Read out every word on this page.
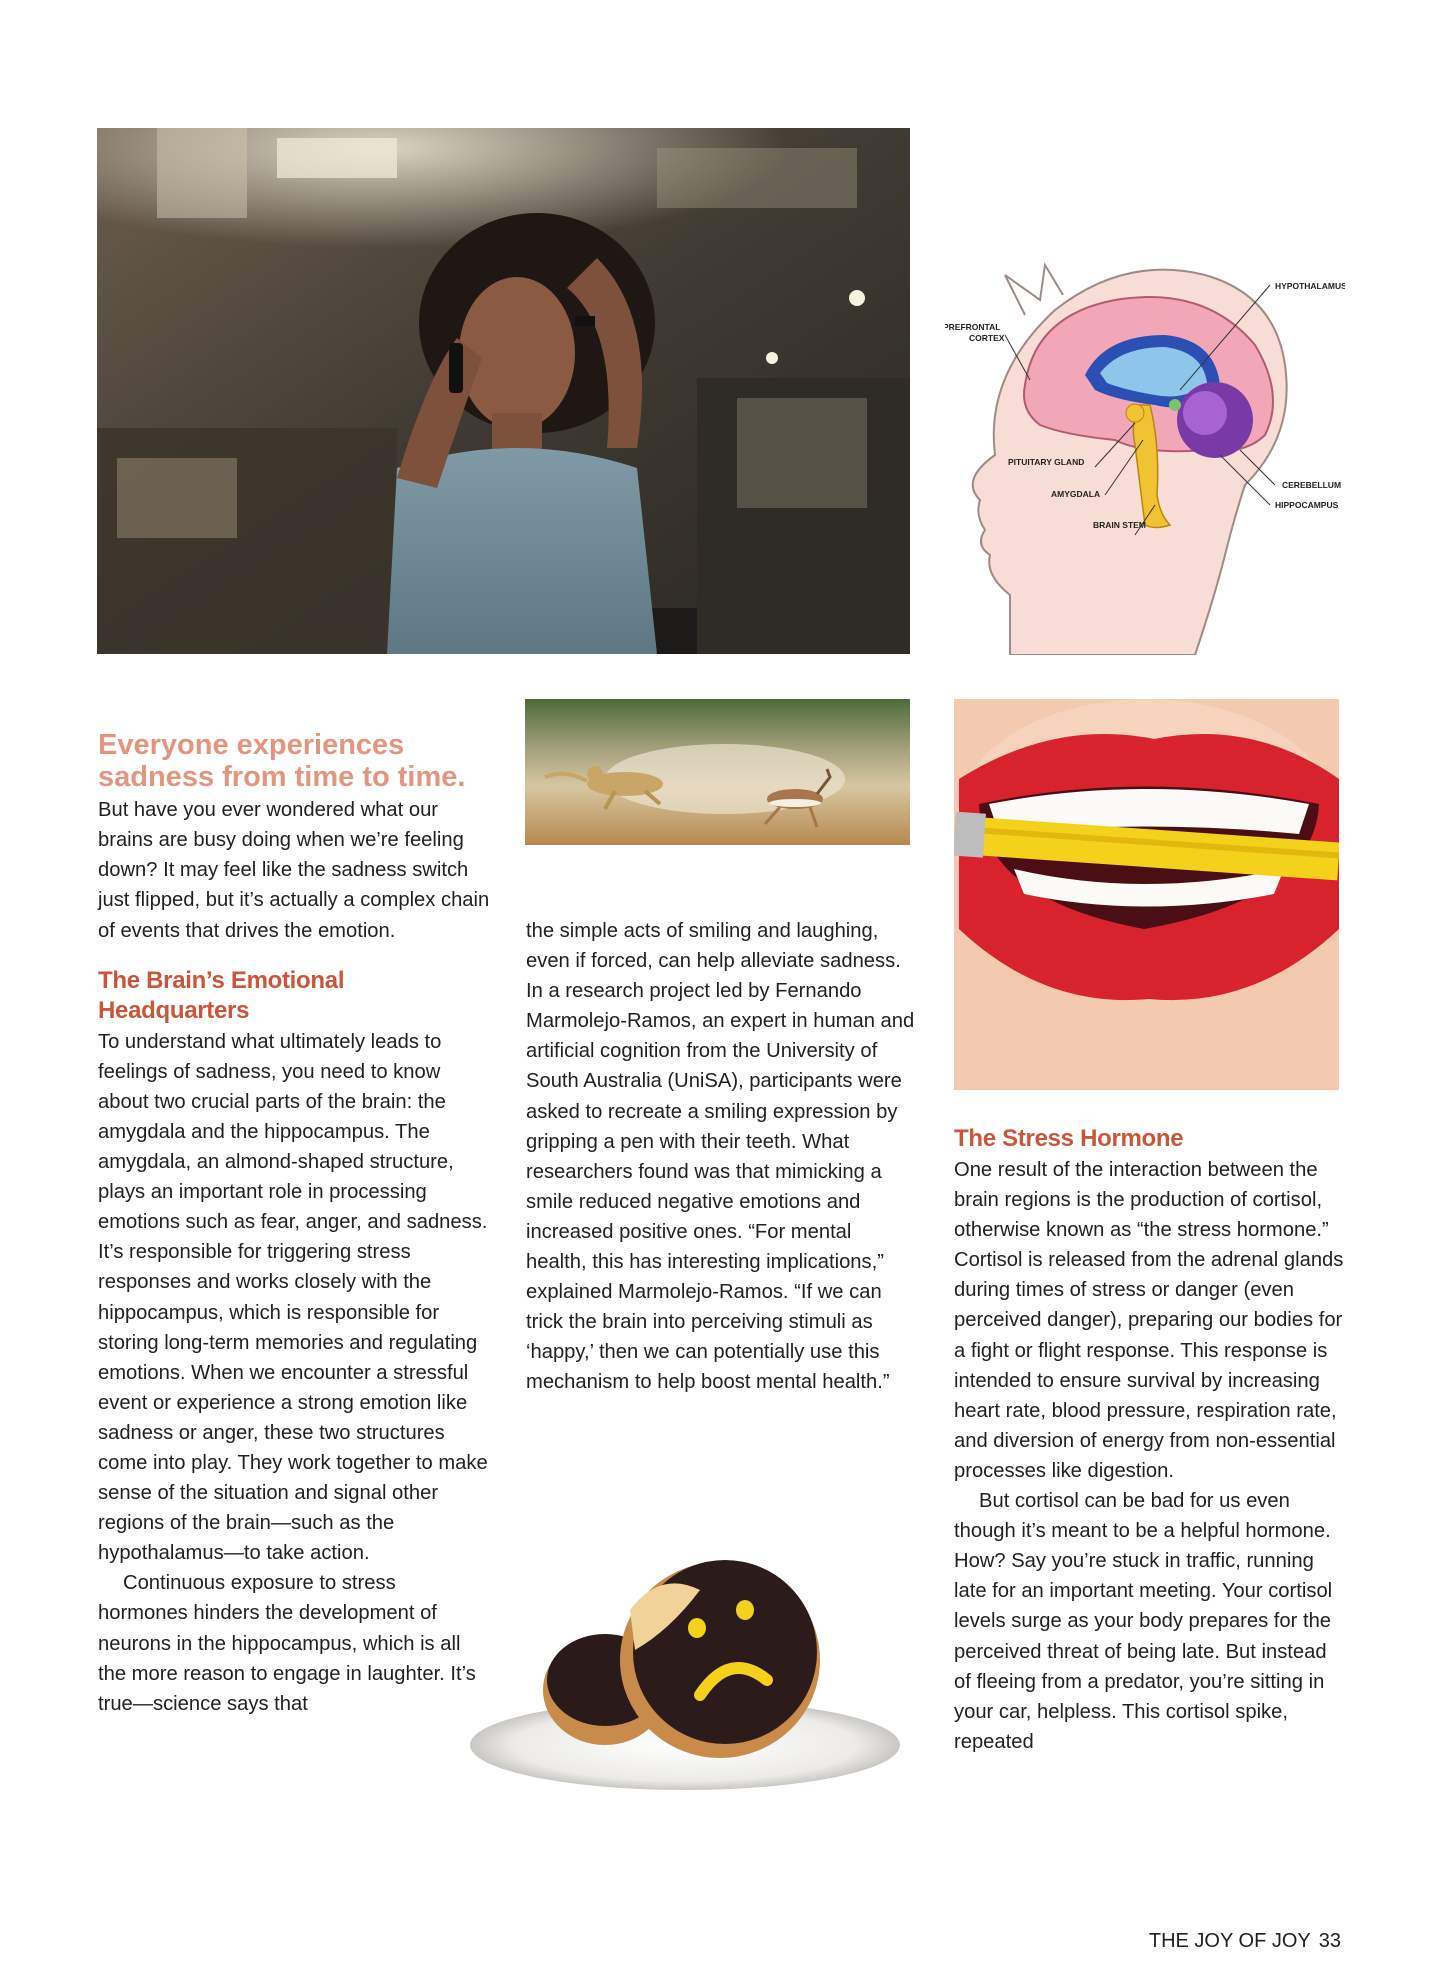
HYPOTHALAMUS
PREFRONTAL
CORTEX
PITUITARY GLAND
AMYGDALA
BRAIN STEM
CEREBELLUM
HIPPOCAMPUS

Everyone experiences sadness from time to time. But have you ever wondered what our brains are busy doing when we’re feeling down? It may feel like the sadness switch just flipped, but it’s actually a complex chain of events that drives the emotion.

The Brain’s Emotional Headquarters

To understand what ultimately leads to feelings of sadness, you need to know about two crucial parts of the brain: the amygdala and the hippocampus. The amygdala, an almond-shaped structure, plays an important role in processing emotions such as fear, anger, and sadness. It’s responsible for triggering stress responses and works closely with the hippocampus, which is responsible for storing long-term memories and regulating emotions. When we encounter a stressful event or experience a strong emotion like sadness or anger, these two structures come into play. They work together to make sense of the situation and signal other regions of the brain—such as the hypothalamus—to take action.

Continuous exposure to stress hormones hinders the development of neurons in the hippocampus, which is all the more reason to engage in laughter. It’s true—science says that

the simple acts of smiling and laughing, even if forced, can help alleviate sadness. In a research project led by Fernando Marmolejo-Ramos, an expert in human and artificial cognition from the University of South Australia (UniSA), participants were asked to recreate a smiling expression by gripping a pen with their teeth. What researchers found was that mimicking a smile reduced negative emotions and increased positive ones. “For mental health, this has interesting implications,” explained Marmolejo-Ramos. “If we can trick the brain into perceiving stimuli as ‘happy,’ then we can potentially use this mechanism to help boost mental health.”

The Stress Hormone

One result of the interaction between the brain regions is the production of cortisol, otherwise known as “the stress hormone.” Cortisol is released from the adrenal glands during times of stress or danger (even perceived danger), preparing our bodies for a fight or flight response. This response is intended to ensure survival by increasing heart rate, blood pressure, respiration rate, and diversion of energy from non-essential processes like digestion.

But cortisol can be bad for us even though it’s meant to be a helpful hormone. How? Say you’re stuck in traffic, running late for an important meeting. Your cortisol levels surge as your body prepares for the perceived threat of being late. But instead of fleeing from a predator, you’re sitting in your car, helpless. This cortisol spike, repeated

THE JOY OF JOY 33
